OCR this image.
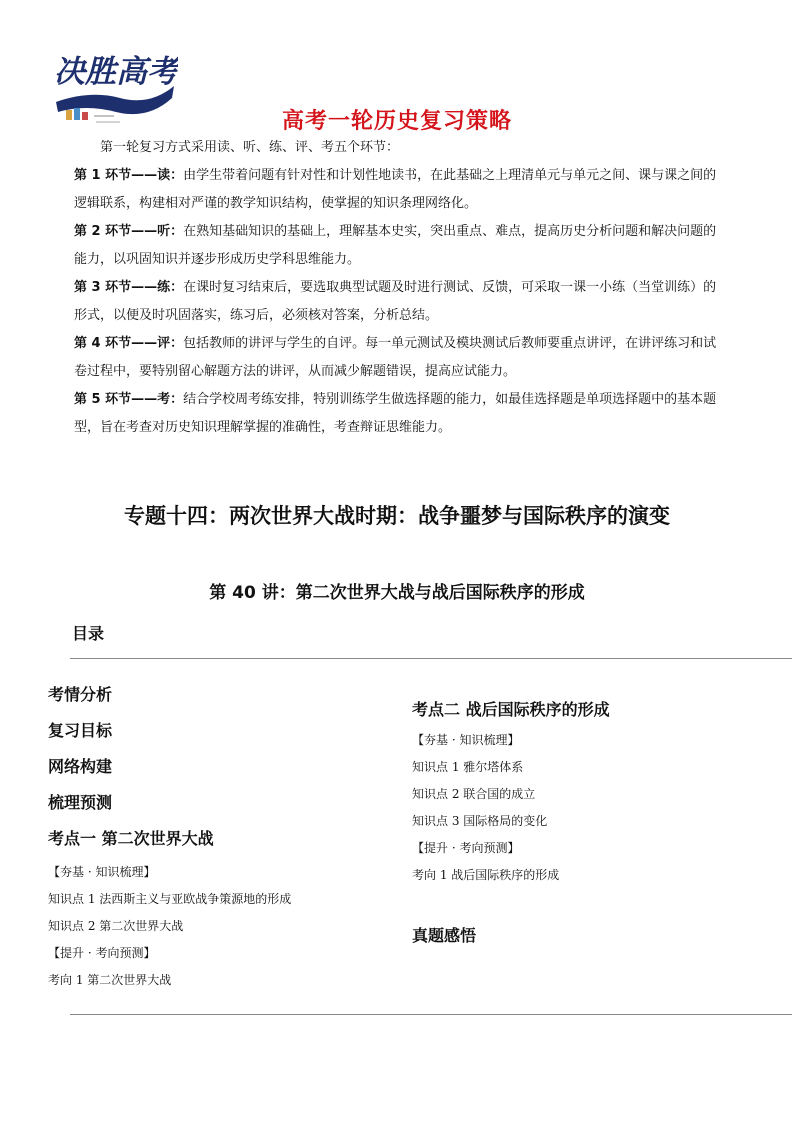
决胜高考
高考一轮历史复习策略

第一轮复习方式采用读、听、练、评、考五个环节：

第 1 环节——读：由学生带着问题有针对性和计划性地读书，在此基础之上理清单元与单元之间、课与课之间的逻辑联系，构建相对严谨的教学知识结构，使掌握的知识条理网络化。

第 2 环节——听：在熟知基础知识的基础上，理解基本史实，突出重点、难点，提高历史分析问题和解决问题的能力，以巩固知识并逐步形成历史学科思维能力。

第 3 环节——练：在课时复习结束后，要选取典型试题及时进行测试、反馈，可采取一课一小练（当堂训练）的形式，以便及时巩固落实，练习后，必须核对答案，分析总结。

第 4 环节——评：包括教师的讲评与学生的自评。每一单元测试及模块测试后教师要重点讲评，在讲评练习和试卷过程中，要特别留心解题方法的讲评，从而减少解题错误，提高应试能力。

第 5 环节——考：结合学校周考练安排，特别训练学生做选择题的能力，如最佳选择题是单项选择题中的基本题型，旨在考查对历史知识理解掌握的准确性，考查辩证思维能力。

专题十四：两次世界大战时期：战争噩梦与国际秩序的演变
第 40 讲：第二次世界大战与战后国际秩序的形成
目录
考情分析
复习目标
网络构建
梳理预测
考点一 第二次世界大战
【夯基 · 知识梳理】
知识点 1 法西斯主义与亚欧战争策源地的形成
知识点 2 第二次世界大战
【提升 · 考向预测】
考向 1 第二次世界大战
考点二 战后国际秩序的形成
【夯基 · 知识梳理】
知识点 1 雅尔塔体系
知识点 2 联合国的成立
知识点 3 国际格局的变化
【提升 · 考向预测】
考向 1 战后国际秩序的形成
真题感悟
